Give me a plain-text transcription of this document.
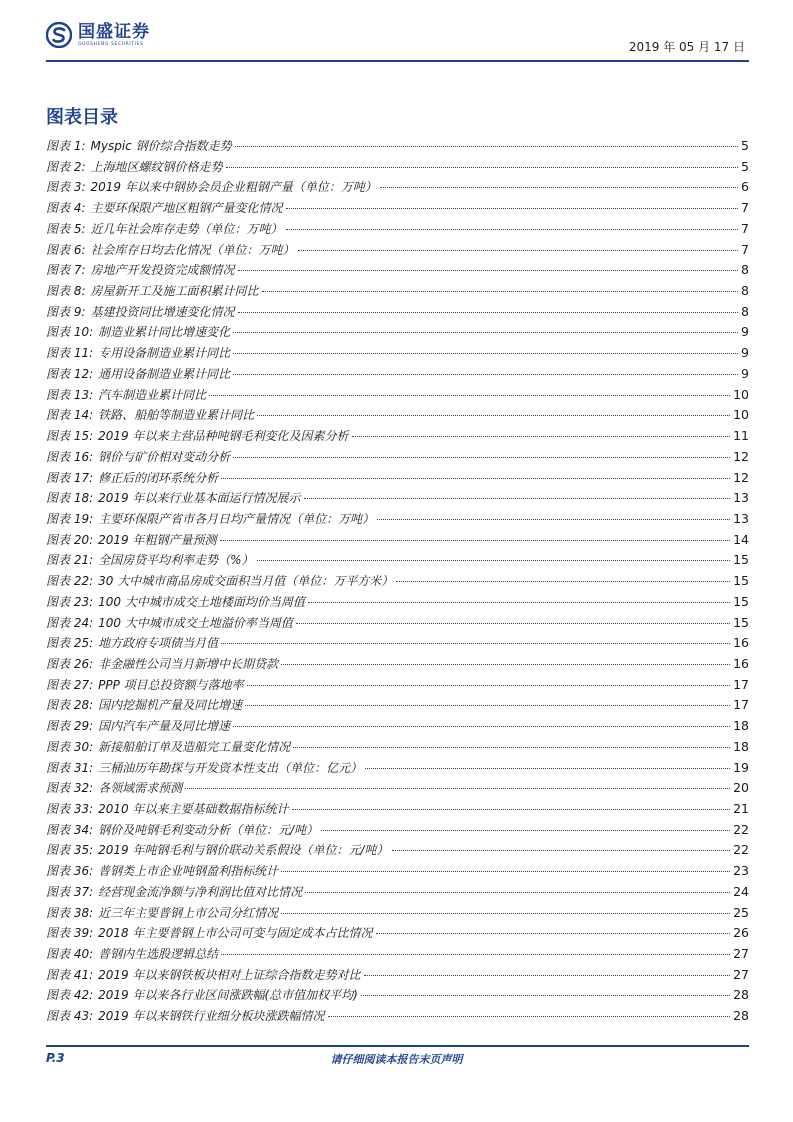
国盛证券
GUOSHENG SECURITIES	2019 年 05 月 17 日
图表目录
图表 1: Myspic 钢价综合指数走势	5
图表 2: 上海地区螺纹钢价格走势	5
图表 3: 2019 年以来中钢协会员企业粗钢产量（单位：万吨）	6
图表 4: 主要环保限产地区粗钢产量变化情况	7
图表 5: 近几年社会库存走势（单位：万吨）	7
图表 6: 社会库存日均去化情况（单位：万吨）	7
图表 7: 房地产开发投资完成额情况	8
图表 8: 房屋新开工及施工面积累计同比	8
图表 9: 基建投资同比增速变化情况	8
图表 10: 制造业累计同比增速变化	9
图表 11: 专用设备制造业累计同比	9
图表 12: 通用设备制造业累计同比	9
图表 13: 汽车制造业累计同比	10
图表 14: 铁路、船舶等制造业累计同比	10
图表 15: 2019 年以来主营品种吨钢毛利变化及因素分析	11
图表 16: 钢价与矿价相对变动分析	12
图表 17: 修正后的闭环系统分析	12
图表 18: 2019 年以来行业基本面运行情况展示	13
图表 19: 主要环保限产省市各月日均产量情况（单位：万吨）	13
图表 20: 2019 年粗钢产量预测	14
图表 21: 全国房贷平均利率走势（%）	15
图表 22: 30 大中城市商品房成交面积当月值（单位：万平方米）	15
图表 23: 100 大中城市成交土地楼面均价当周值	15
图表 24: 100 大中城市成交土地溢价率当周值	15
图表 25: 地方政府专项债当月值	16
图表 26: 非金融性公司当月新增中长期贷款	16
图表 27: PPP 项目总投资额与落地率	17
图表 28: 国内挖掘机产量及同比增速	17
图表 29: 国内汽车产量及同比增速	18
图表 30: 新接船舶订单及造船完工量变化情况	18
图表 31: 三桶油历年勘探与开发资本性支出（单位：亿元）	19
图表 32: 各领域需求预测	20
图表 33: 2010 年以来主要基础数据指标统计	21
图表 34: 钢价及吨钢毛利变动分析（单位：元/吨）	22
图表 35: 2019 年吨钢毛利与钢价联动关系假设（单位：元/吨）	22
图表 36: 普钢类上市企业吨钢盈利指标统计	23
图表 37: 经营现金流净额与净利润比值对比情况	24
图表 38: 近三年主要普钢上市公司分红情况	25
图表 39: 2018 年主要普钢上市公司可变与固定成本占比情况	26
图表 40: 普钢内生选股逻辑总结	27
图表 41: 2019 年以来钢铁板块相对上证综合指数走势对比	27
图表 42: 2019 年以来各行业区间涨跌幅(总市值加权平均)	28
图表 43: 2019 年以来钢铁行业细分板块涨跌幅情况	28
P.3	请仔细阅读本报告末页声明
